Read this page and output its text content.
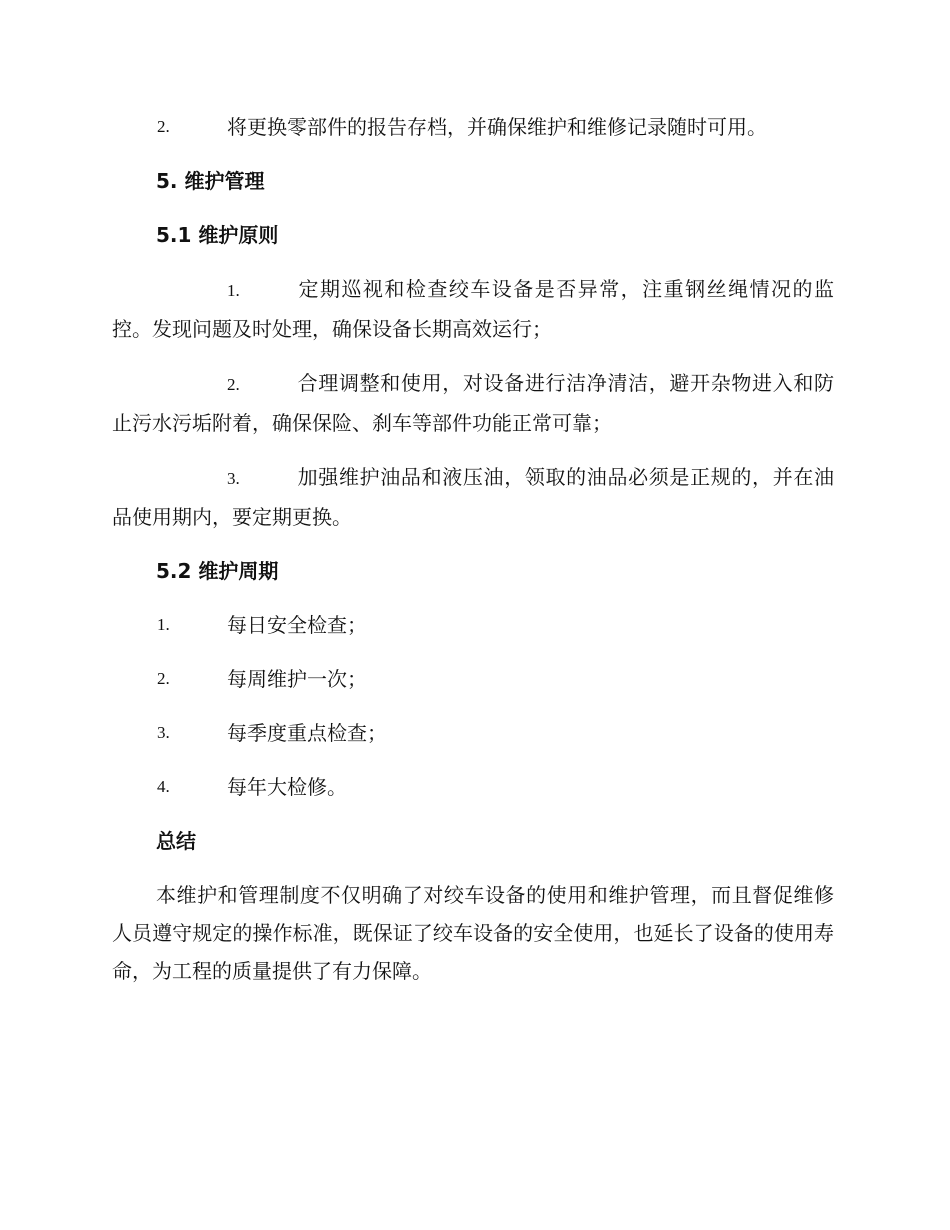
2.	将更换零部件的报告存档，并确保维护和维修记录随时可用。
5. 维护管理
5.1 维护原则
1.	定期巡视和检查绞车设备是否异常，注重钢丝绳情况的监控。发现问题及时处理，确保设备长期高效运行；
2.	合理调整和使用，对设备进行洁净清洁，避开杂物进入和防止污水污垢附着，确保保险、刹车等部件功能正常可靠；
3.	加强维护油品和液压油，领取的油品必须是正规的，并在油品使用期内，要定期更换。
5.2 维护周期
1.	每日安全检查；
2.	每周维护一次；
3.	每季度重点检查；
4.	每年大检修。
总结
本维护和管理制度不仅明确了对绞车设备的使用和维护管理，而且督促维修人员遵守规定的操作标准，既保证了绞车设备的安全使用，也延长了设备的使用寿命，为工程的质量提供了有力保障。
